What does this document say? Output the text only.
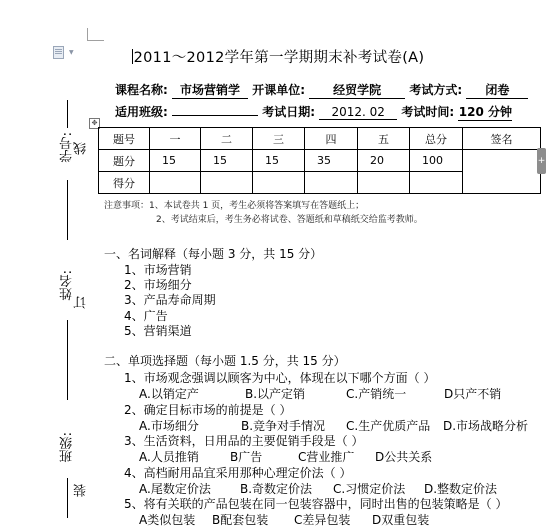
▼
学号:
姓名:
班级:
线
订
装
2011～2012学年第一学期期末补考试卷(A)
课程名称: 市场营销学 开课单位: 经贸学院 考试方式: 闭卷
适用班级:	考试日期: 2012. 02 考试时间: 120 分钟
✥
题号	一	二	三	四	五	总分	签名
题分	15	15	15	35	20	100	
得分							
+
注意事项：1、本试卷共 1 页，考生必须将答案填写在答题纸上；
2、考试结束后，考生务必将试卷、答题纸和草稿纸交给监考教师。
一、名词解释（每小题 3 分，共 15 分）
1、市场营销
2、市场细分
3、产品寿命周期
4、广告
5、营销渠道
二、单项选择题（每小题 1.5 分，共 15 分）
1、市场观念强调以顾客为中心，体现在以下哪个方面（ ）
A.以销定产	B.以产定销	C.产销统一	D只产不销
2、确定目标市场的前提是（ ）
A.市场细分	B.竞争对手情况 C.生产优质产品 D.市场战略分析
3、生活资料，日用品的主要促销手段是（ ）
A.人员推销	B广告	C营业推广 D公共关系
4、高档耐用品宜采用那种心理定价法（ ）
A.尾数定价法 B.奇数定价法 C.习惯定价法 D.整数定价法
5、将有关联的产品包装在同一包装容器中，同时出售的包装策略是（ ）
A类似包装 B配套包装 C差异包装 D双重包装
